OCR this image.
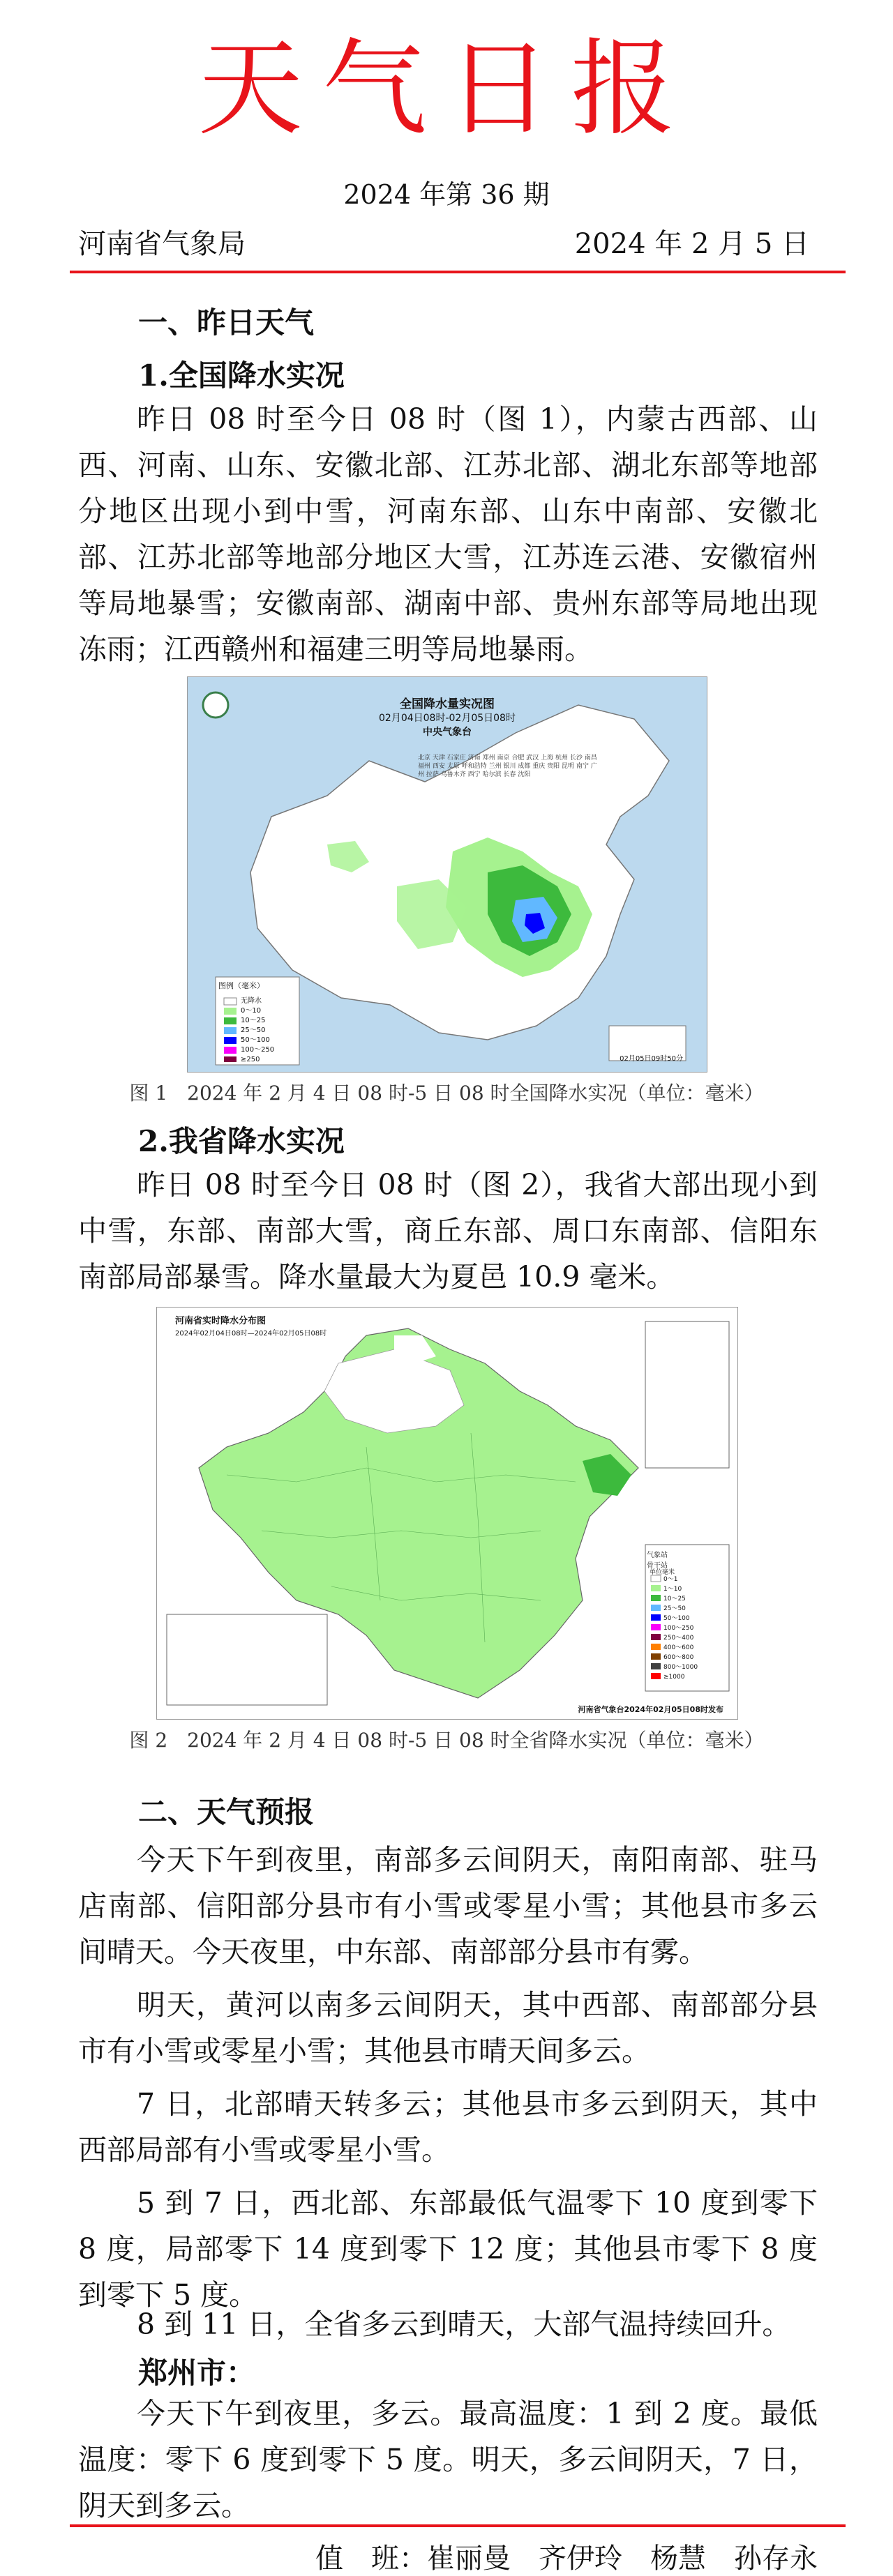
天气日报
2024 年第 36 期
河南省气象局	2024 年 2 月 5 日
一、昨日天气
1.全国降水实况

昨日 08 时至今日 08 时（图 1），内蒙古西部、山西、河南、山东、安徽北部、江苏北部、湖北东部等地部分地区出现小到中雪，河南东部、山东中南部、安徽北部、江苏北部等地部分地区大雪，江苏连云港、安徽宿州等局地暴雪；安徽南部、湖南中部、贵州东部等局地出现冻雨；江西赣州和福建三明等局地暴雨。

全国降水量实况图
02月04日08时-02月05日08时
中央气象台
图例（毫米）
无降水
0～10
10～25
25～50
50～100
100～250
≥250	02月05日09时50分
北京 天津 石家庄 济南 郑州 南京 合肥 武汉 上海 杭州 长沙 南昌 福州 西安 太原 呼和浩特 兰州 银川 成都 重庆 贵阳 昆明 南宁 广州 拉萨 乌鲁木齐 西宁 哈尔滨 长春 沈阳
图 1　2024 年 2 月 4 日 08 时-5 日 08 时全国降水实况（单位：毫米）
2.我省降水实况

昨日 08 时至今日 08 时（图 2），我省大部出现小到中雪，东部、南部大雪，商丘东部、周口东南部、信阳东南部局部暴雪。降水量最大为夏邑 10.9 毫米。

河南省实时降水分布图
2024年02月04日08时—2024年02月05日08时
气象站
骨干站
单位毫米
0～1
1～10
10～25
25～50
50～100
100～250
250～400
400～600
600～800
800～1000
≥1000
河南省气象台2024年02月05日08时发布
图 2　2024 年 2 月 4 日 08 时-5 日 08 时全省降水实况（单位：毫米）
二、天气预报

今天下午到夜里，南部多云间阴天，南阳南部、驻马店南部、信阳部分县市有小雪或零星小雪；其他县市多云间晴天。今天夜里，中东部、南部部分县市有雾。

明天，黄河以南多云间阴天，其中西部、南部部分县市有小雪或零星小雪；其他县市晴天间多云。

7 日，北部晴天转多云；其他县市多云到阴天，其中西部局部有小雪或零星小雪。

5 到 7 日，西北部、东部最低气温零下 10 度到零下 8 度，局部零下 14 度到零下 12 度；其他县市零下 8 度到零下 5 度。

8 到 11 日，全省多云到晴天，大部气温持续回升。

郑州市：

今天下午到夜里，多云。最高温度：1 到 2 度。最低温度：零下 6 度到零下 5 度。明天，多云间阴天，7 日，阴天到多云。

值　班：崔丽曼　齐伊玲　杨慧　孙存永
